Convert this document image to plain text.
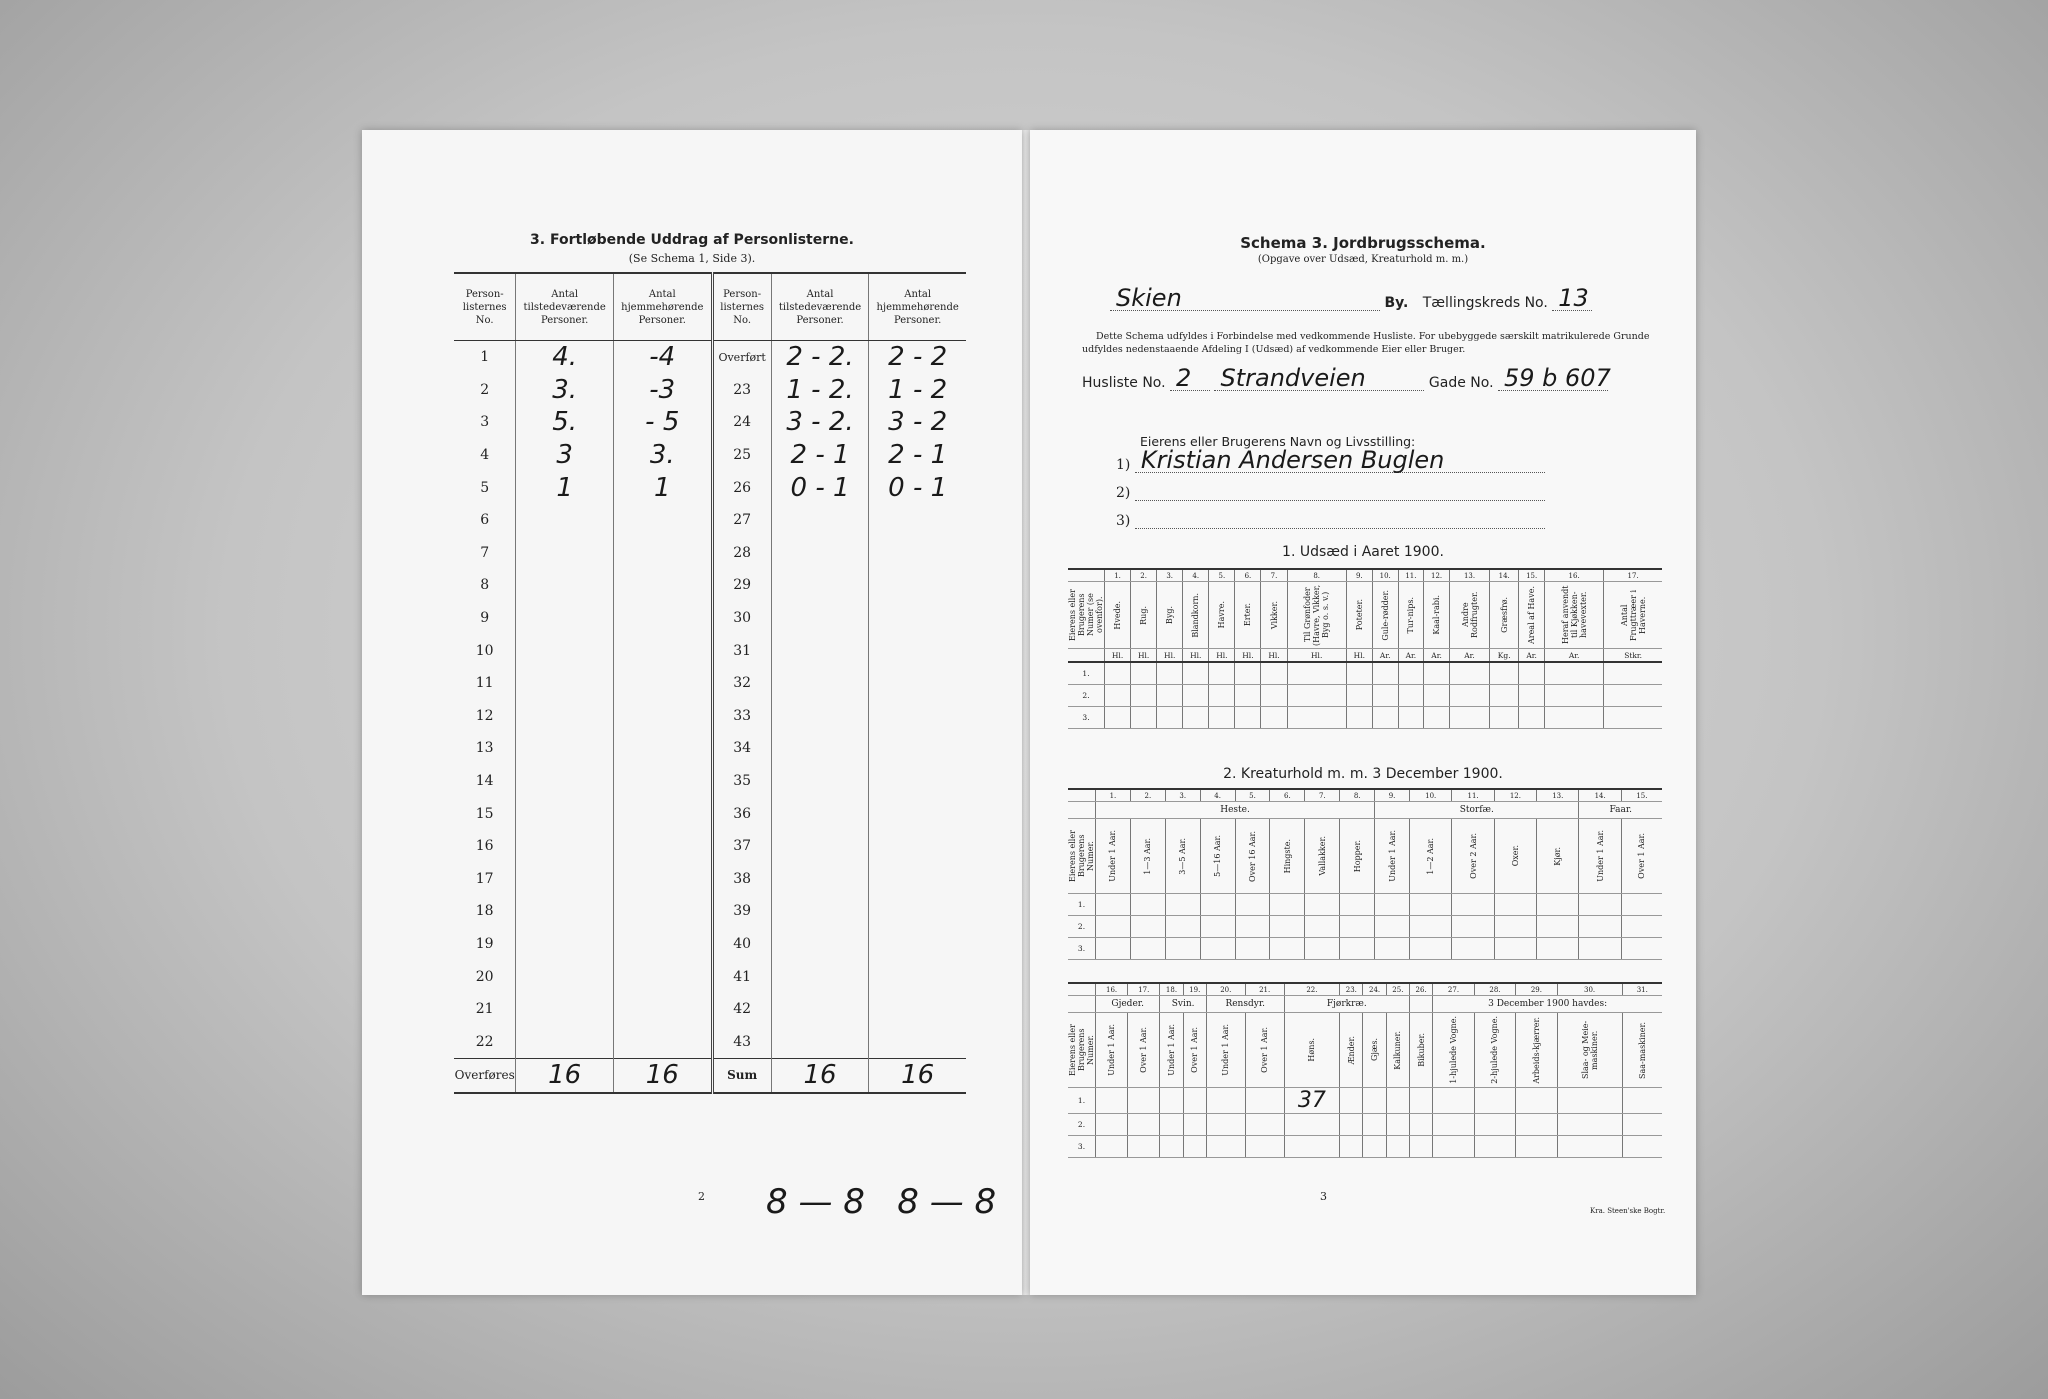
3. Fortløbende Uddrag af Personlisterne.
(Se Schema 1, Side 3).
Person-
listernes
No.	Antal
tilstedeværende
Personer.	Antal
hjemmehørende
Personer.	Person-
listernes
No.	Antal
tilstedeværende
Personer.	Antal
hjemmehørende
Personer.
1	4.	-4	Overført	2 - 2.	2 - 2
2	3.	-3	23	1 - 2.	1 - 2
3	5.	- 5	24	3 - 2.	3 - 2
4	3	3.	25	2 - 1	2 - 1
5	1	1	26	0 - 1	0 - 1
6			27		
7			28		
8			29		
9			30		
10			31		
11			32		
12			33		
13			34		
14			35		
15			36		
16			37		
17			38		
18			39		
19			40		
20			41		
21			42		
22			43		
Overføres	16	16	Sum	16	16
2 8 — 8   8 — 8
Schema 3. Jordbrugsschema.
(Opgave over Udsæd, Kreaturhold m. m.)
Skien	By. Tællingskreds No. 13
Dette Schema udfyldes i Forbindelse med vedkommende Husliste. For ubebyggede særskilt matrikulerede Grunde udfyldes nedenstaaende Afdeling I (Udsæd) af vedkommende Eier eller Bruger.
Husliste No. 2
Strandveien	Gade No. 59 b 607
Eierens eller Brugerens Navn og Livsstilling:
1) Kristian Andersen Buglen
2)
3)
1. Udsæd i Aaret 1900.
	1.	2.	3.	4.	5.	6.	7.	8.	9.	10.	11.	12.	13.	14.	15.	16.	17.

Eierens eller Brugerens Numer (se ovenfor).	Hvede.	Rug.	Byg.	Blandkorn.	Havre.	Erter.	Vikker.	Til Grønfoder (Havre, Vikker, Byg o. s. v.)	Poteter.	Gule-rødder.	Tur-nips.	Kaal-rabi.	Andre Rodfrugter.	Græsfrø.	Areal af Have.	Heraf anvendt til Kjøkken-havevexter.	Antal Frugttræer i Haverne.

	Hl.	Hl.	Hl.	Hl.	Hl.	Hl.	Hl.	Hl.	Hl.	Ar.	Ar.	Ar.	Ar.	Kg.	Ar.	Ar.	Stkr.
1.																	
2.																	
3.																	
2. Kreaturhold m. m. 3 December 1900.
	1.	2.	3.	4.	5.	6.	7.	8.	9.	10.	11.	12.	13.	14.	15.
	Heste.								Storfæ.					Faar.	

Eierens eller Brugerens Numer.	Under 1 Aar.	1—3 Aar.	3—5 Aar.	5—16 Aar.	Over 16 Aar.	Hingste.	Vallakker.	Hopper.	Under 1 Aar.	1—2 Aar.	Over 2 Aar.	Oxer.	Kjør.	Under 1 Aar.	Over 1 Aar.

1.															
2.															
3.															
	16.	17.	18.	19.	20.	21.	22.	23.	24.	25.	26.	27.	28.	29.	30.	31.
	Gjeder.		Svin.		Rensdyr.		Fjørkræ.					3 December 1900 havdes:				

Eierens eller Brugerens Numer.	Under 1 Aar.	Over 1 Aar.	Under 1 Aar.	Over 1 Aar.	Under 1 Aar.	Over 1 Aar.	Høns.	Ænder.	Gjæs.	Kalkuner.	Bikuber.	1-hjulede Vogne.	2-hjulede Vogne.	Arbeids-kjærrer.	Slaa- og Meie-maskiner.	Saa-maskiner.

1.							37									
2.																
3.																
3
Kra. Steen'ske Bogtr.
